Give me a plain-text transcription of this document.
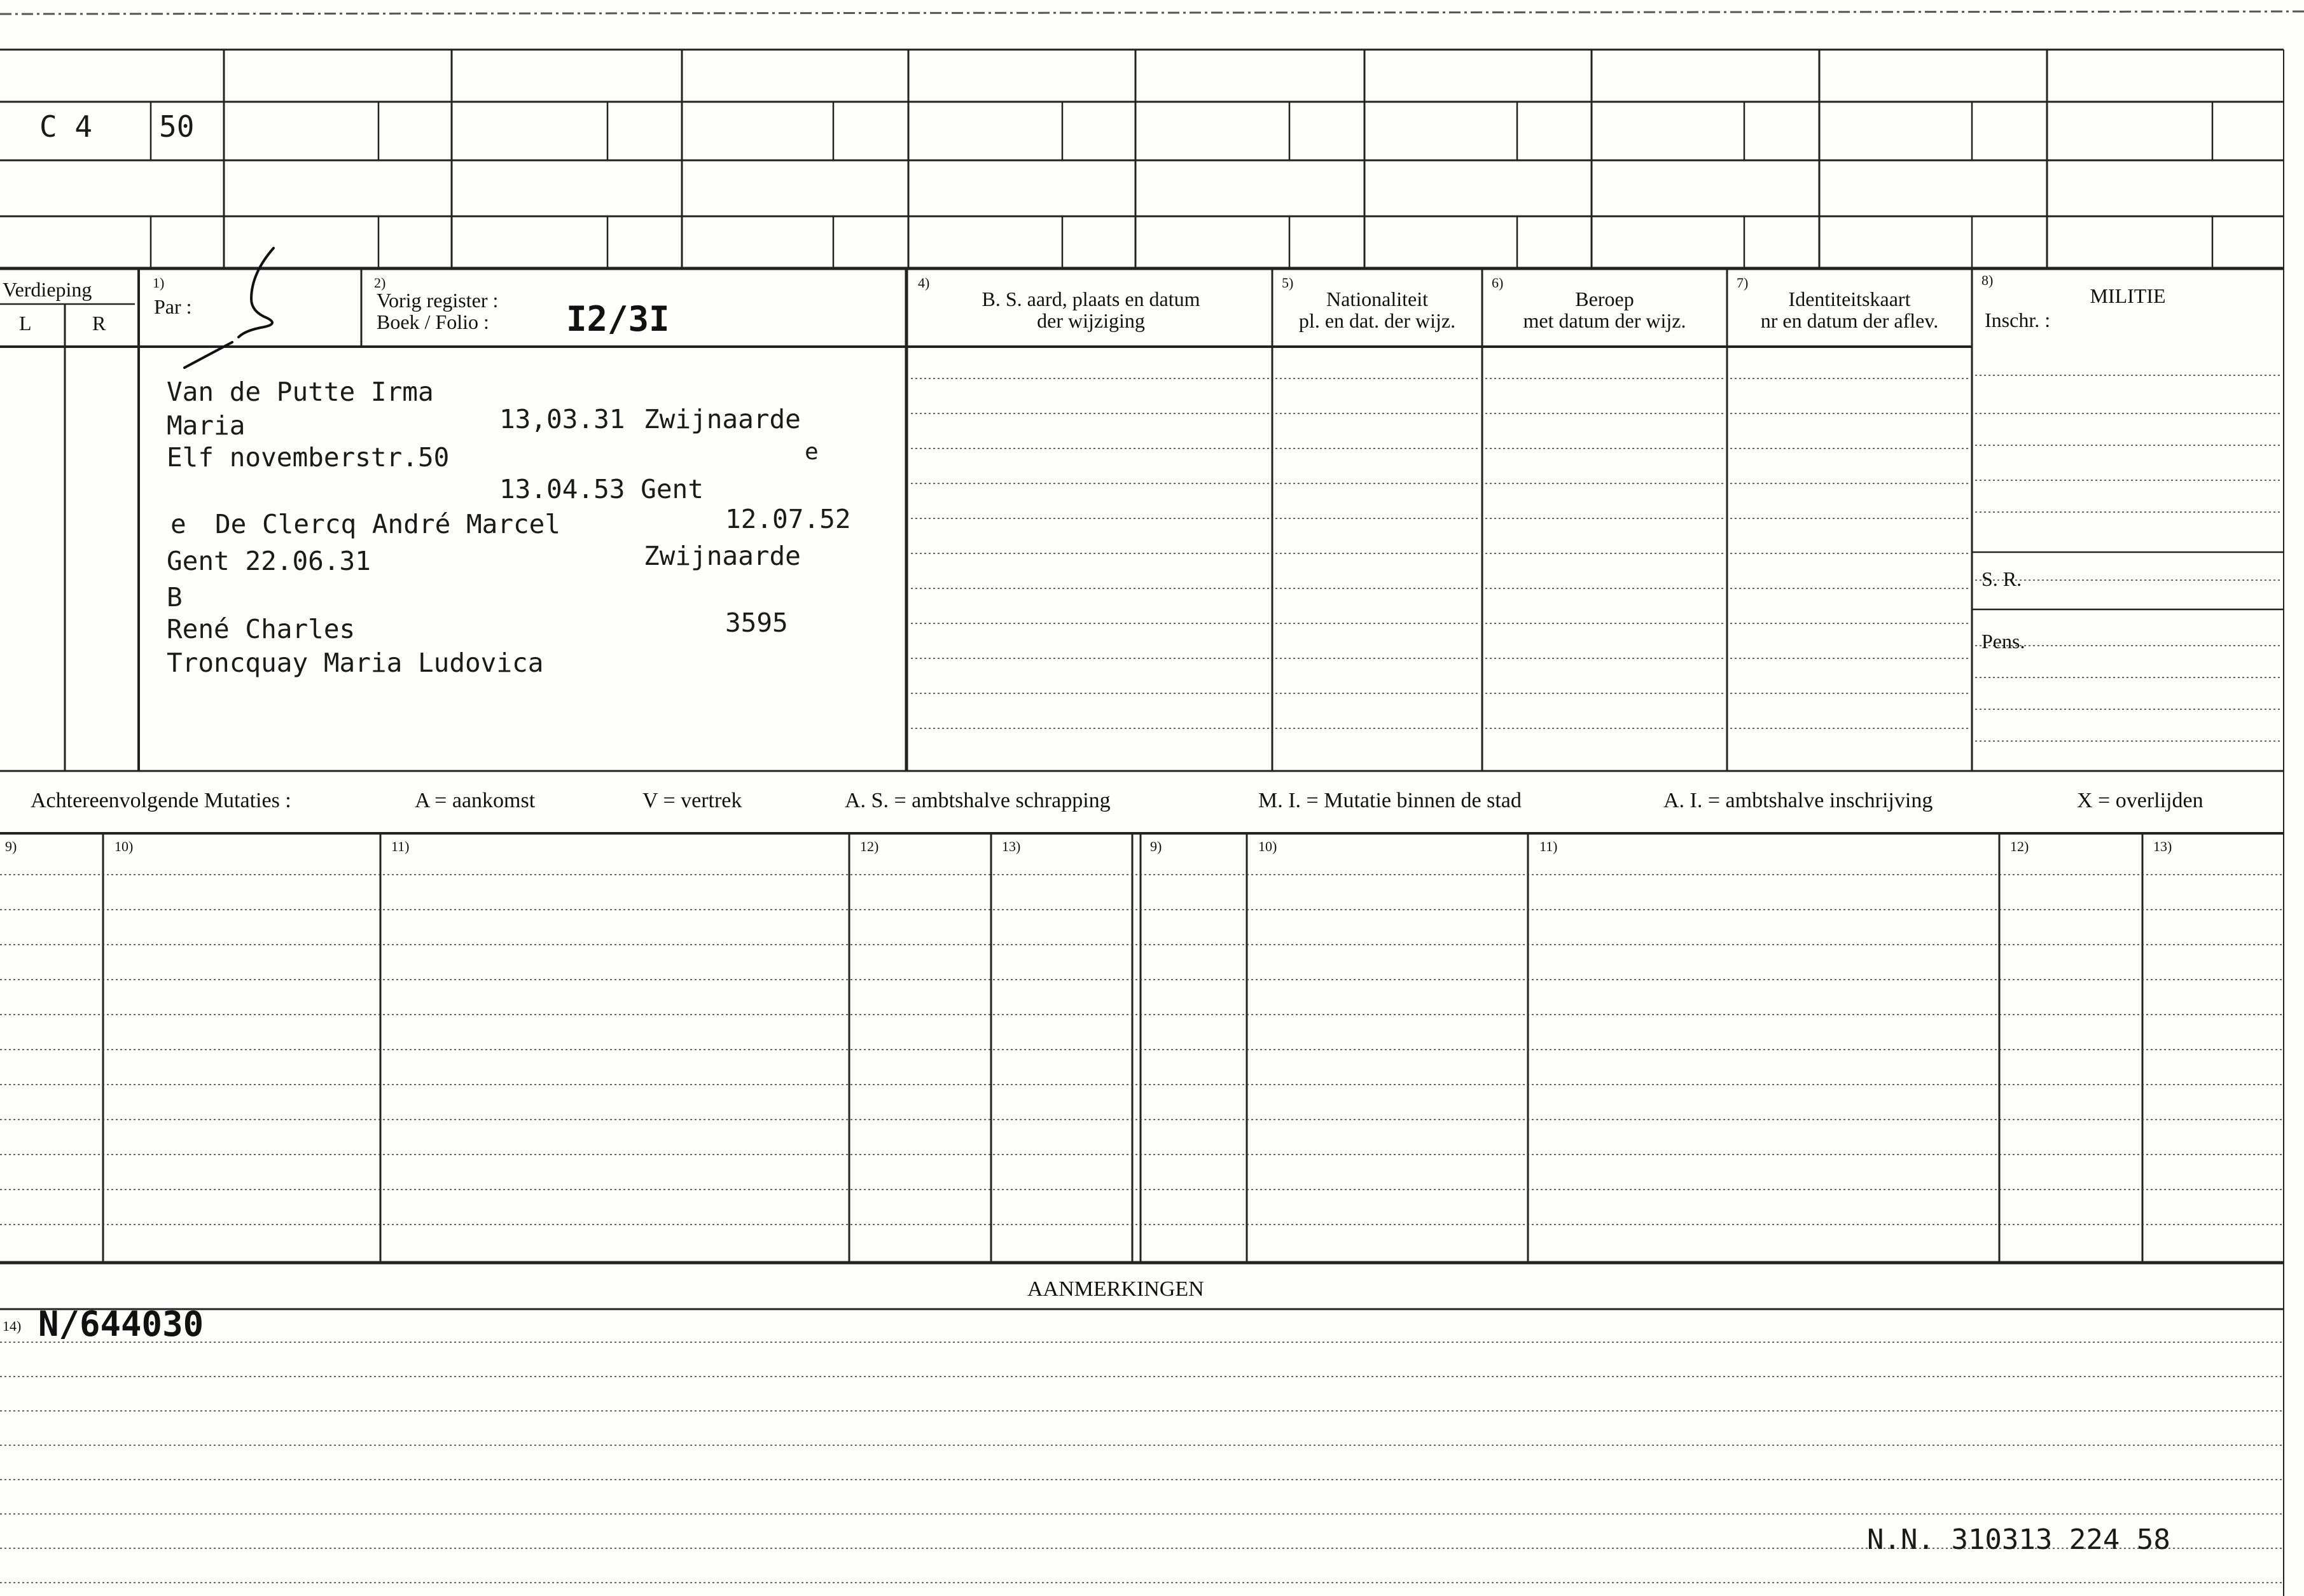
C 4 50
Verdieping
L	R
1)
Par :
2)
Vorig register :
Boek / Folio : I2/3I
4)
B. S. aard, plaats en datum
der wijziging
5)
Nationaliteit
pl. en dat. der wijz.
6)
Beroep
met datum der wijz.
7)
Identiteitskaart
nr en datum der aflev.
8)
MILITIE
Inschr. :
S. R.
Pens.
Van de Putte Irma
Maria	13,03.31 Zwijnaarde
Elf novemberstr.50	e
13.04.53 Gent
e De Clercq André Marcel	12.07.52
Gent 22.06.31	Zwijnaarde
B
René Charles	3595
Troncquay Maria Ludovica
Achtereenvolgende Mutaties :	A = aankomst	V = vertrek	A. S. = ambtshalve schrapping	M. I. = Mutatie binnen de stad	A. I. = ambtshalve inschrijving	X = overlijden
9)	10)	11)	12)	13)	9)	10)	11)	12)	13)
AANMERKINGEN
14) N/644030
N.N. 310313 224 58
